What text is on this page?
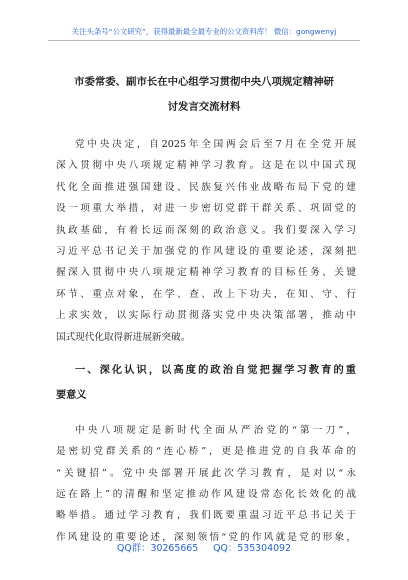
关注头条号“公文研究”，获得最新最全最专业的公文资料库！ 微信：gongwenyj
市委常委、副市长在中心组学习贯彻中央八项规定精神研
讨发言交流材料
党中央决定，自2025年全国两会后至7月在全党开展
深入贯彻中央八项规定精神学习教育。这是在以中国式现
代化全面推进强国建设、民族复兴伟业战略布局下党的建
设一项重大举措，对进一步密切党群干群关系、巩固党的
执政基础，有着长远而深刻的政治意义。我们要深入学习
习近平总书记关于加强党的作风建设的重要论述，深刻把
握深入贯彻中央八项规定精神学习教育的目标任务、关键
环节、重点对象，在学、查、改上下功夫，在知、守、行
上求实效，以实际行动贯彻落实党中央决策部署，推动中
国式现代化取得新进展新突破。
一、深化认识，以高度的政治自觉把握学习教育的重
要意义
中央八项规定是新时代全面从严治党的“第一刀”，
是密切党群关系的“连心桥”，更是推进党的自我革命的
“关键招”。党中央部署开展此次学习教育，是对以“永
远在路上”的清醒和坚定推动作风建设常态化长效化的战
略举措。通过学习教育，我们既要重温习近平总书记关于
作风建设的重要论述，深刻领悟“党的作风就是党的形象，
QQ群：30265665     QQ：535304092
